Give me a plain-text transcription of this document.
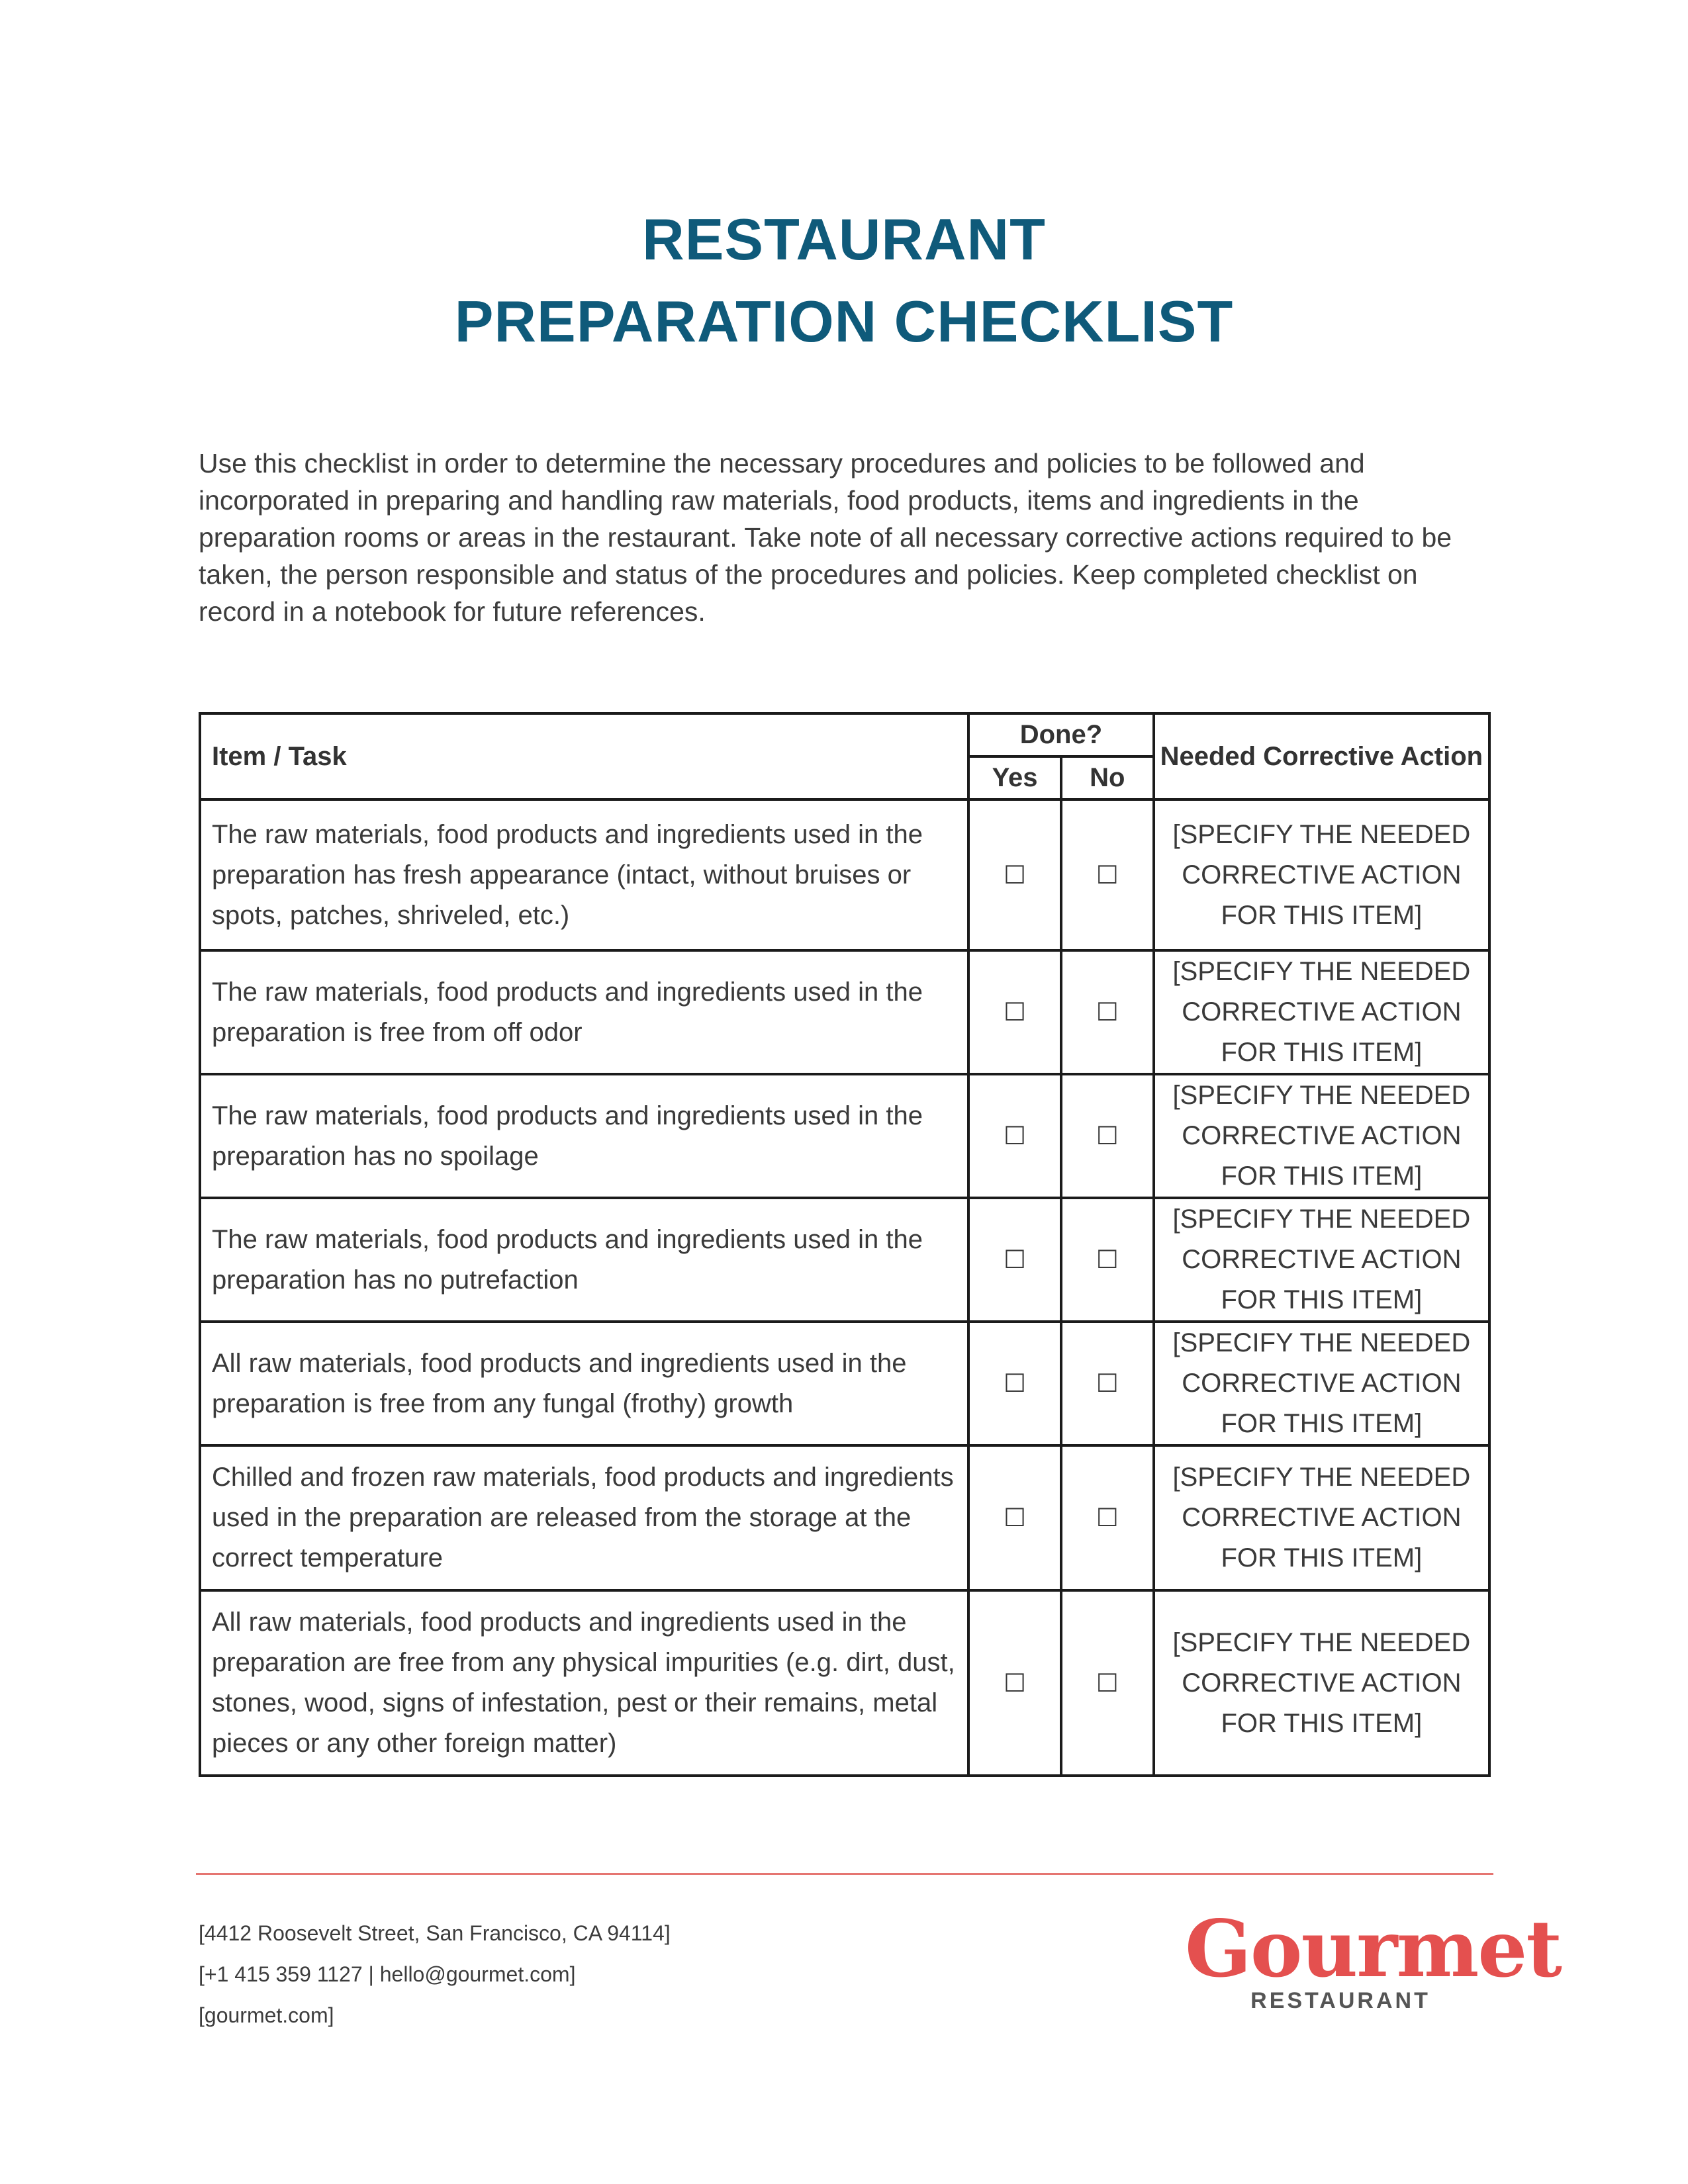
RESTAURANT
PREPARATION CHECKLIST
Use this checklist in order to determine the necessary procedures and policies to be followed and incorporated in preparing and handling raw materials, food products, items and ingredients in the preparation rooms or areas in the restaurant. Take note of all necessary corrective actions required to be taken, the person responsible and status of the procedures and policies. Keep completed checklist on record in a notebook for future references.
Item / Task	Done?		Needed Corrective Action
	Yes	No	
The raw materials, food products and ingredients used in the preparation has fresh appearance (intact, without bruises or spots, patches, shriveled, etc.)	☐	☐	[SPECIFY THE NEEDED CORRECTIVE ACTION FOR THIS ITEM]
The raw materials, food products and ingredients used in the preparation is free from off odor	☐	☐	[SPECIFY THE NEEDED CORRECTIVE ACTION FOR THIS ITEM]
The raw materials, food products and ingredients used in the preparation has no spoilage	☐	☐	[SPECIFY THE NEEDED CORRECTIVE ACTION FOR THIS ITEM]
The raw materials, food products and ingredients used in the preparation has no putrefaction	☐	☐	[SPECIFY THE NEEDED CORRECTIVE ACTION FOR THIS ITEM]
All raw materials, food products and ingredients used in the preparation is free from any fungal (frothy) growth	☐	☐	[SPECIFY THE NEEDED CORRECTIVE ACTION FOR THIS ITEM]
Chilled and frozen raw materials, food products and ingredients used in the preparation are released from the storage at the correct temperature	☐	☐	[SPECIFY THE NEEDED CORRECTIVE ACTION FOR THIS ITEM]
All raw materials, food products and ingredients used in the preparation are free from any physical impurities (e.g. dirt, dust, stones, wood, signs of infestation, pest or their remains, metal pieces or any other foreign matter)	☐	☐	[SPECIFY THE NEEDED CORRECTIVE ACTION FOR THIS ITEM]
[4412 Roosevelt Street, San Francisco, CA 94114]
[+1 415 359 1127 | hello@gourmet.com]
[gourmet.com]
Gourmet
RESTAURANT
